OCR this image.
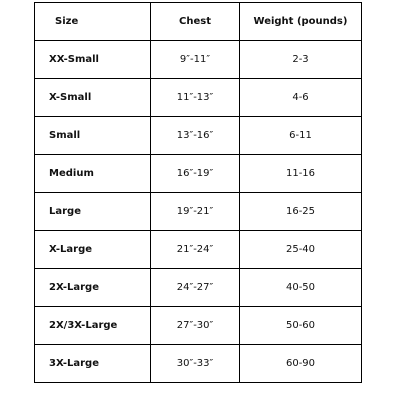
Size	Chest	Weight (pounds)
XX-Small	9″-11″	2-3
X-Small	11″-13″	4-6
Small	13″-16″	6-11
Medium	16″-19″	11-16
Large	19″-21″	16-25
X-Large	21″-24″	25-40
2X-Large	24″-27″	40-50
2X/3X-Large	27″-30″	50-60
3X-Large	30″-33″	60-90
